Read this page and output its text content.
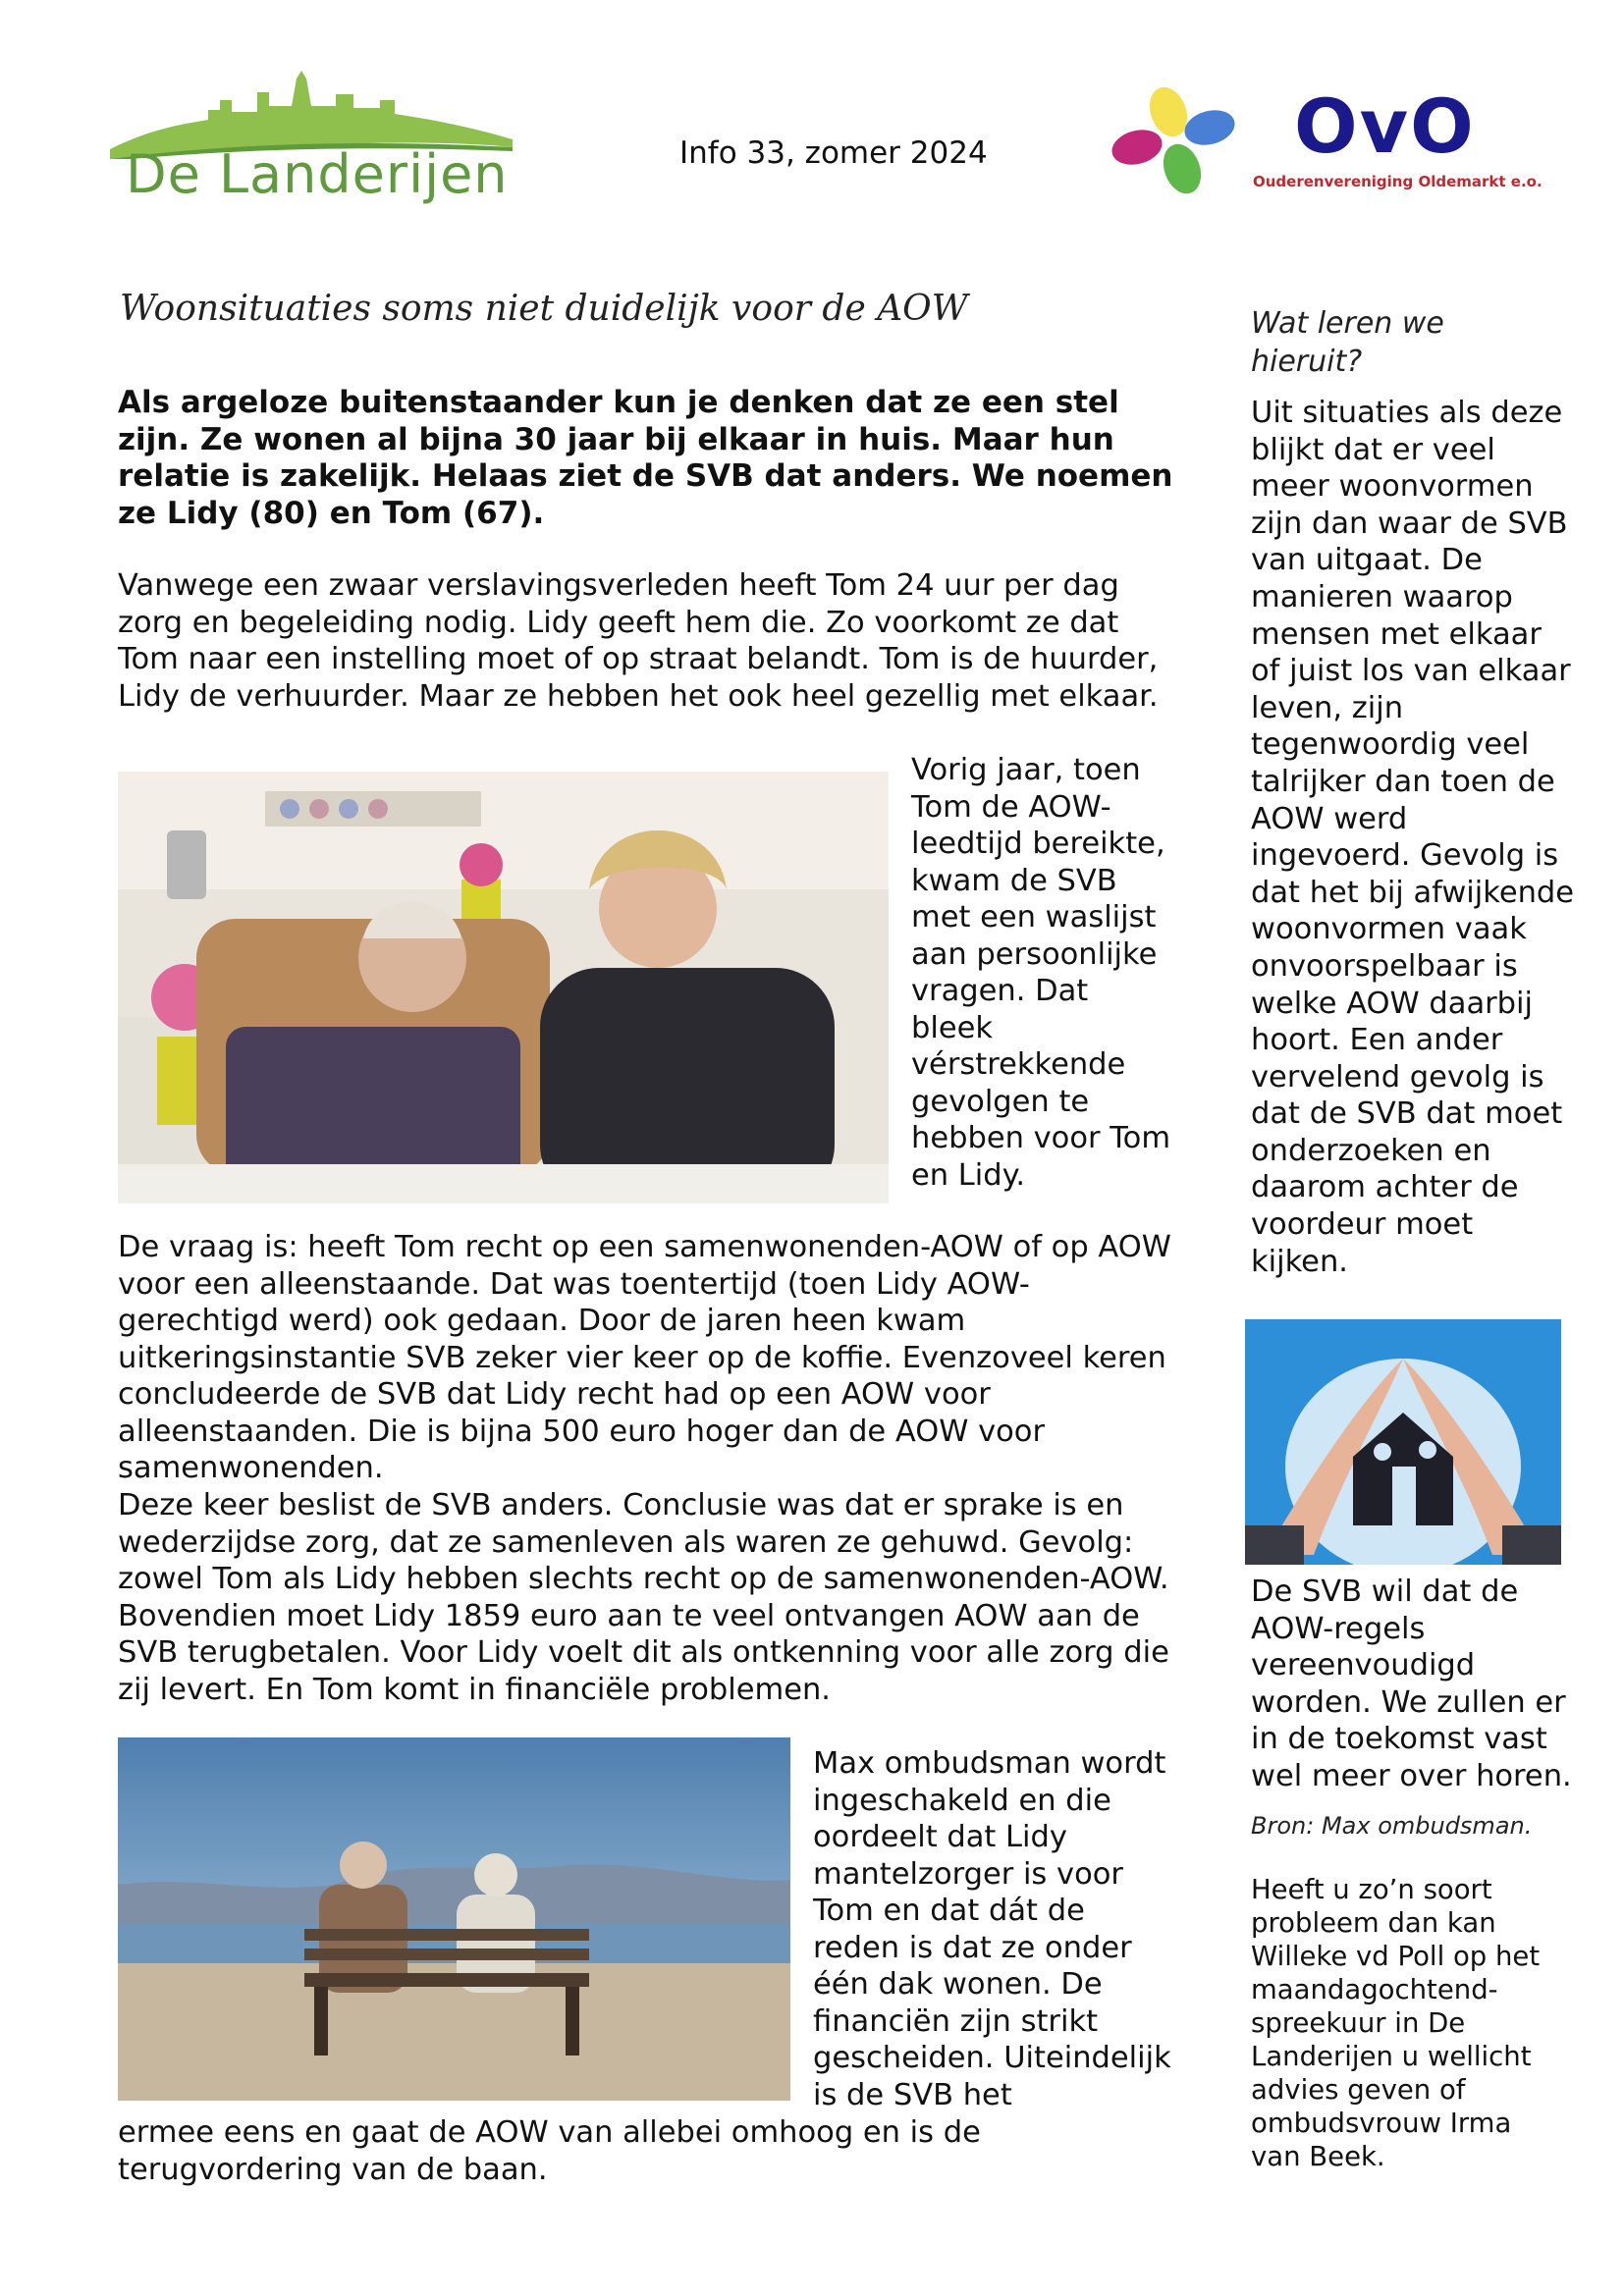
De Landerijen	Info 33, zomer 2024	OvO
Ouderenvereniging Oldemarkt e.o.
Woonsituaties soms niet duidelijk voor de AOW
Als argeloze buitenstaander kun je denken dat ze een stel zijn. Ze wonen al bijna 30 jaar bij elkaar in huis. Maar hun relatie is zakelijk. Helaas ziet de SVB dat anders. We noemen ze Lidy (80) en Tom (67).
Vanwege een zwaar verslavingsverleden heeft Tom 24 uur per dag zorg en begeleiding nodig. Lidy geeft hem die. Zo voorkomt ze dat Tom naar een instelling moet of op straat belandt. Tom is de huurder, Lidy de verhuurder. Maar ze hebben het ook heel gezellig met elkaar.
Vorig jaar, toen Tom de AOW-leedtijd bereikte, kwam de SVB met een waslijst aan persoonlijke vragen. Dat bleek vérstrekkende gevolgen te hebben voor Tom en Lidy.
De vraag is: heeft Tom recht op een samenwonenden-AOW of op AOW voor een alleenstaande. Dat was toentertijd (toen Lidy AOW-gerechtigd werd) ook gedaan. Door de jaren heen kwam uitkeringsinstantie SVB zeker vier keer op de koffie. Evenzoveel keren concludeerde de SVB dat Lidy recht had op een AOW voor alleenstaanden. Die is bijna 500 euro hoger dan de AOW voor samenwonenden.
Deze keer beslist de SVB anders. Conclusie was dat er sprake is en wederzijdse zorg, dat ze samenleven als waren ze gehuwd. Gevolg: zowel Tom als Lidy hebben slechts recht op de samenwonenden-AOW. Bovendien moet Lidy 1859 euro aan te veel ontvangen AOW aan de SVB terugbetalen. Voor Lidy voelt dit als ontkenning voor alle zorg die zij levert. En Tom komt in financiële problemen.
Max ombudsman wordt ingeschakeld en die oordeelt dat Lidy mantelzorger is voor Tom en dat dát de reden is dat ze onder één dak wonen. De financiën zijn strikt gescheiden. Uiteindelijk is de SVB het
ermee eens en gaat de AOW van allebei omhoog en is de terugvordering van de baan.
Wat leren we hieruit?
Uit situaties als deze blijkt dat er veel meer woonvormen zijn dan waar de SVB van uitgaat. De manieren waarop mensen met elkaar of juist los van elkaar leven, zijn tegenwoordig veel talrijker dan toen de AOW werd ingevoerd. Gevolg is dat het bij afwijkende woonvormen vaak onvoorspelbaar is welke AOW daarbij hoort. Een ander vervelend gevolg is dat de SVB dat moet onderzoeken en daarom achter de voordeur moet kijken.
De SVB wil dat de AOW-regels vereenvoudigd worden. We zullen er in de toekomst vast wel meer over horen.
Bron: Max ombudsman.
Heeft u zo’n soort probleem dan kan Willeke vd Poll op het maandagochtend-spreekuur in De Landerijen u wellicht advies geven of ombudsvrouw Irma van Beek.
